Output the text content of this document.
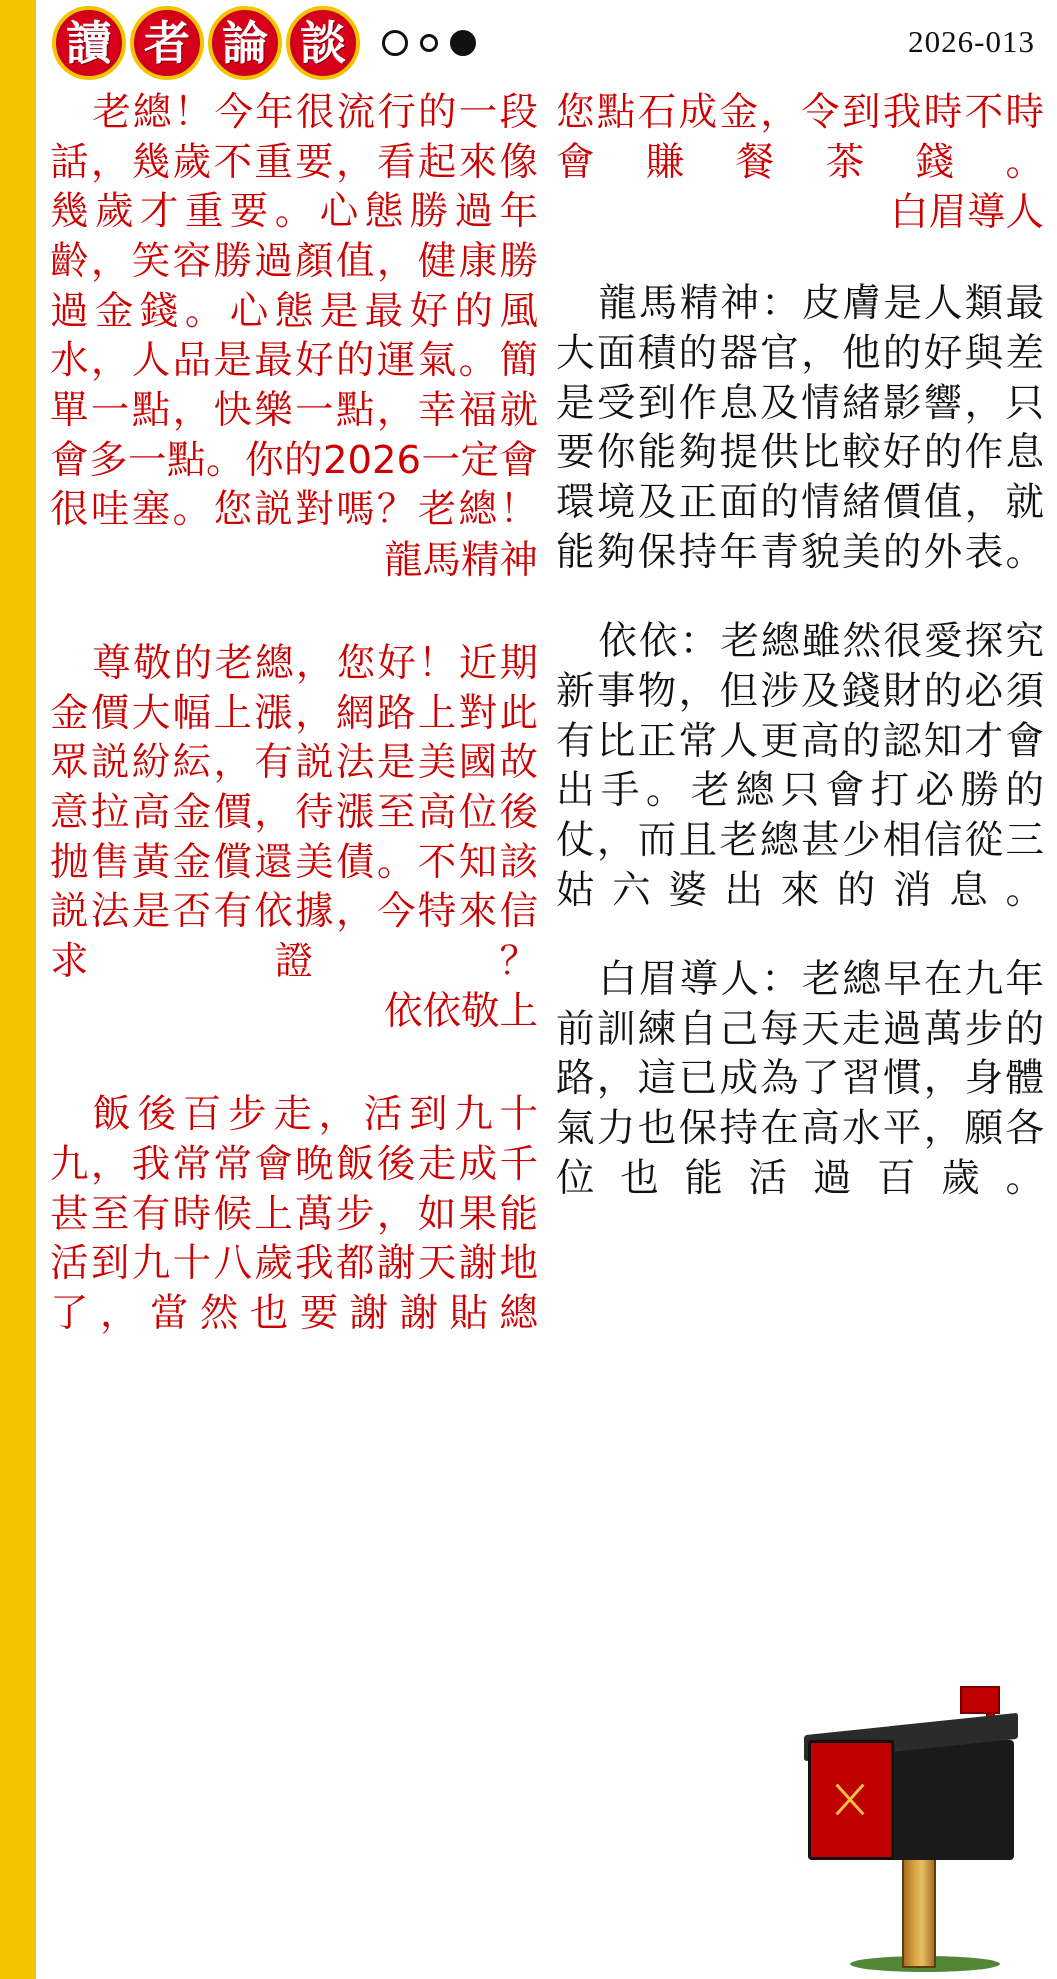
讀 者 論 談	2026-013

老總！今年很流行的一段話，幾歲不重要，看起來像幾歲才重要。心態勝過年齡，笑容勝過顏值，健康勝過金錢。心態是最好的風水，人品是最好的運氣。簡單一點，快樂一點，幸福就會多一點。你的2026一定會很哇塞。您説對嗎？老總！

龍馬精神

尊敬的老總，您好！近期金價大幅上漲，網路上對此眾説紛紜，有説法是美國故意拉高金價，待漲至高位後抛售黃金償還美債。不知該説法是否有依據，今特來信求證？

依依敬上

飯後百步走，活到九十九，我常常會晚飯後走成千甚至有時候上萬步，如果能活到九十八歲我都謝天謝地了，當然也要謝謝貼總

您點石成金，令到我時不時會賺餐茶錢。

白眉導人

龍馬精神：皮膚是人類最大面積的器官，他的好與差是受到作息及情緒影響，只要你能夠提供比較好的作息環境及正面的情緒價值，就能夠保持年青貌美的外表。

依依：老總雖然很愛探究新事物，但涉及錢財的必須有比正常人更高的認知才會出手。老總只會打必勝的仗，而且老總甚少相信從三姑六婆出來的消息。

白眉導人：老總早在九年前訓練自己每天走過萬步的路，這已成為了習慣，身體氣力也保持在高水平，願各位也能活過百歲。
